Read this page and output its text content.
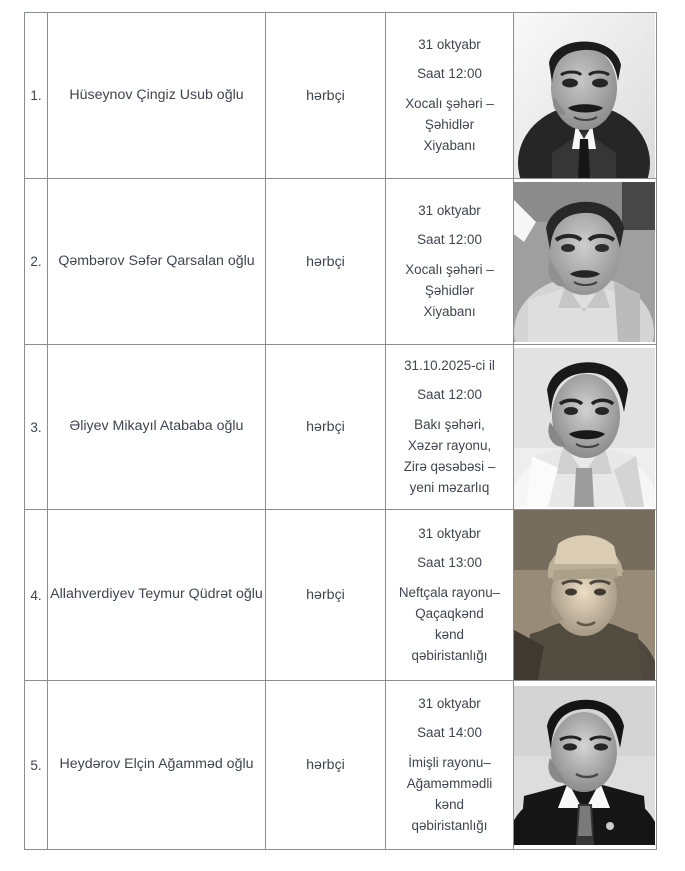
1.	Hüseynov Çingiz Usub oğlu	hərbçi	31 oktyabr
Saat 12:00
Xocalı şəhəri –
Şəhidlər
Xiyabanı

2.	Qəmbərov Səfər Qarsalan oğlu	hərbçi	31 oktyabr
Saat 12:00
Xocalı şəhəri –
Şəhidlər
Xiyabanı

3.	Əliyev Mikayıl Atababa oğlu	hərbçi	
31.10.2025-ci il
Saat 12:00
Bakı şəhəri,
Xəzər rayonu,
Zirə qəsəbəsi –
yeni məzarlıq

4.	Allahverdiyev Teymur Qüdrət oğlu	hərbçi	
31 oktyabr
Saat 13:00
Neftçala rayonu–
Qaçaqkənd
kənd
qəbiristanlığı

5.	Heydərov Elçin Ağammәd oğlu	hərbçi	
31 oktyabr
Saat 14:00
İmişli rayonu–
Ağaməmmədli
kənd
qəbiristanlığı
